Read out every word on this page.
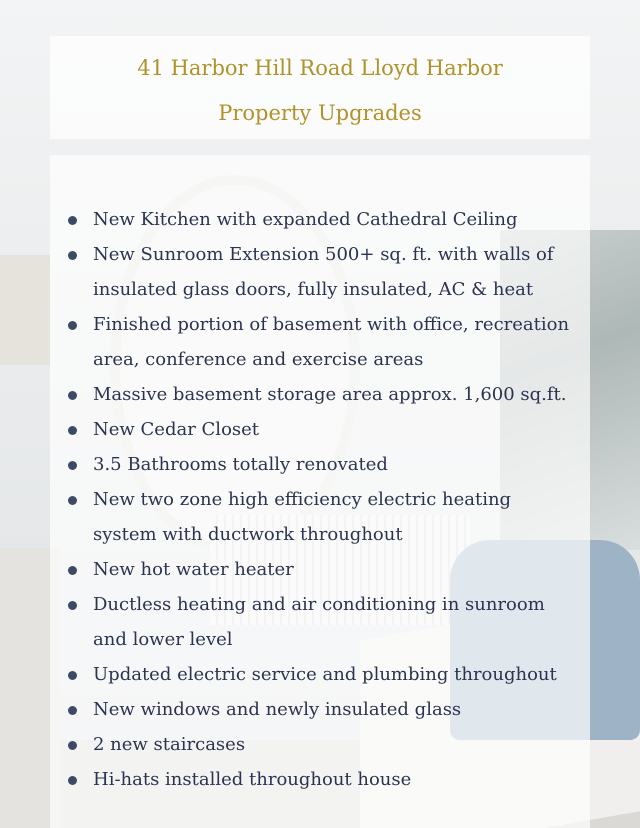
41 Harbor Hill Road Lloyd Harbor
Property Upgrades
New Kitchen with expanded Cathedral Ceiling
New Sunroom Extension 500+ sq. ft. with walls of insulated glass doors, fully insulated, AC & heat
Finished portion of basement with office, recreation area, conference and exercise areas
Massive basement storage area approx. 1,600 sq.ft.
New Cedar Closet
3.5 Bathrooms totally renovated
New two zone high efficiency electric heating system with ductwork throughout
New hot water heater
Ductless heating and air conditioning in sunroom and lower level
Updated electric service and plumbing throughout
New windows and newly insulated glass
2 new staircases
Hi-hats installed throughout house
